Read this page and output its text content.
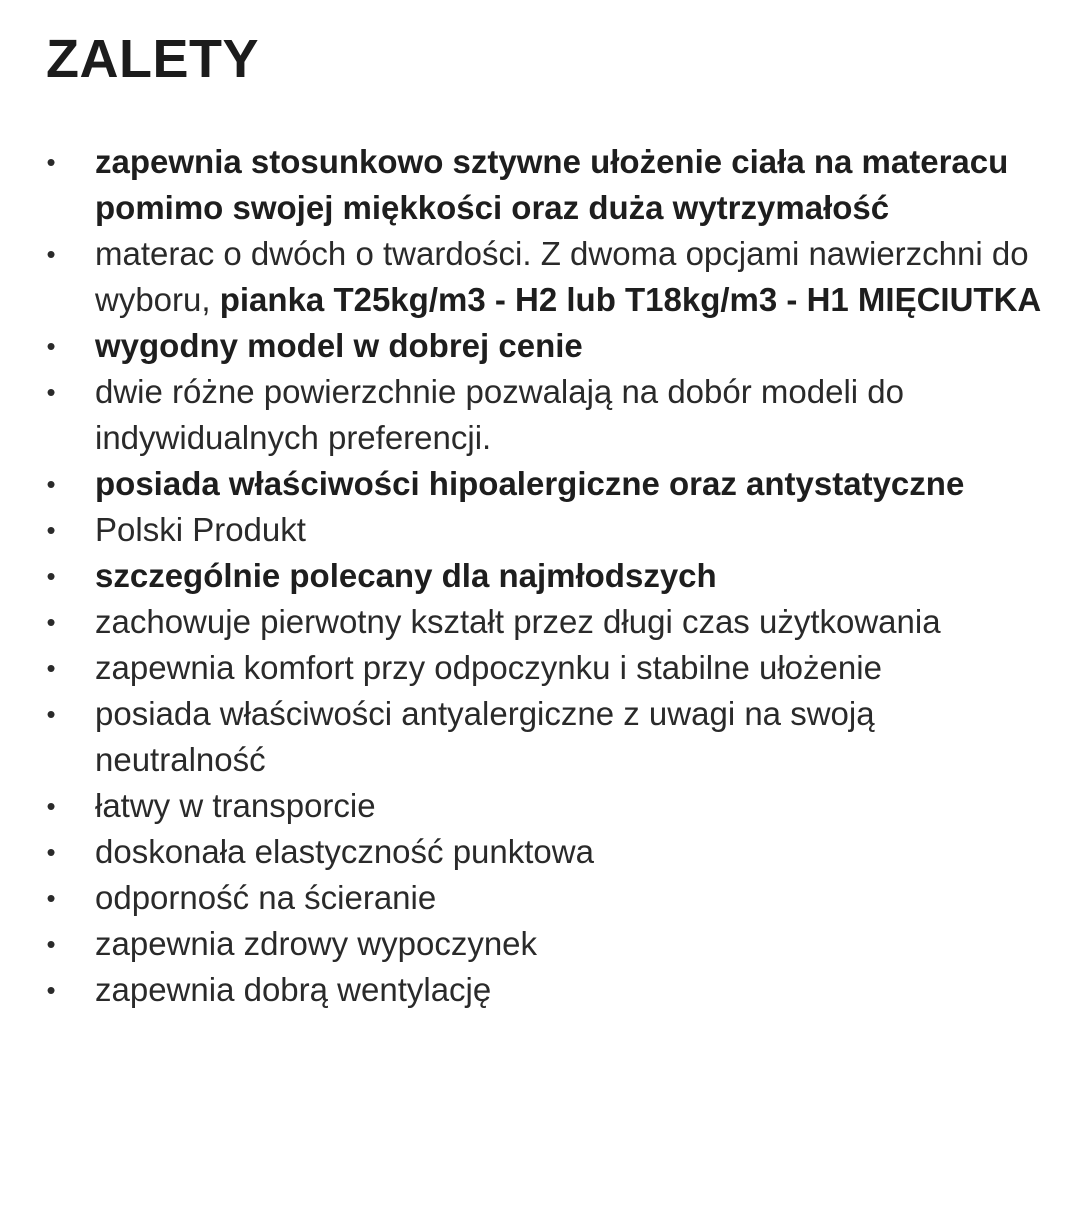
ZALETY
• zapewnia stosunkowo sztywne ułożenie ciała na materacu pomimo swojej miękkości oraz duża wytrzymałość
• materac o dwóch o twardości. Z dwoma opcjami nawierzchni do wyboru, pianka T25kg/m3 - H2 lub T18kg/m3 - H1 MIĘCIUTKA
• wygodny model w dobrej cenie
• dwie różne powierzchnie pozwalają na dobór modeli do indywidualnych preferencji.
• posiada właściwości hipoalergiczne oraz antystatyczne
• Polski Produkt
• szczególnie polecany dla najmłodszych
• zachowuje pierwotny kształt przez długi czas użytkowania
• zapewnia komfort przy odpoczynku i stabilne ułożenie
• posiada właściwości antyalergiczne z uwagi na swoją neutralność
• łatwy w transporcie
• doskonała elastyczność punktowa
• odporność na ścieranie
• zapewnia zdrowy wypoczynek
• zapewnia dobrą wentylację
